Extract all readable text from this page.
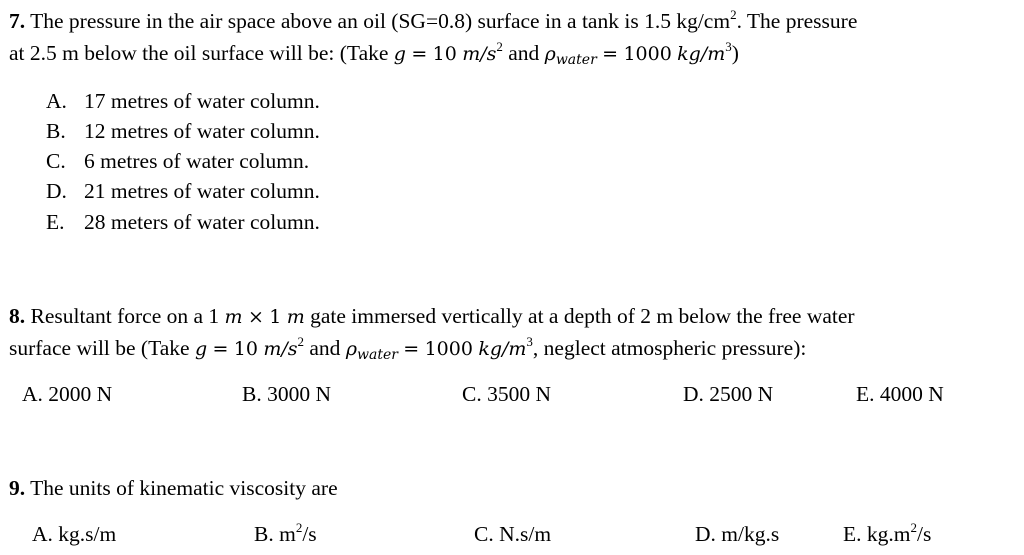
7. The pressure in the air space above an oil (SG=0.8) surface in a tank is 1.5 $kg/cm^2$. The pressure
at 2.5 m below the oil surface will be: (Take g = 10 $m/s^2$ and $\rho_{water} = 1000$ $kg/m^3$)
A. 17 metres of water column.
B. 12 metres of water column.
C. 6 metres of water column.
D. 21 metres of water column.
E. 28 meters of water column.
8. Resultant force on a 1 m × 1 m gate immersed vertically at a depth of 2 m below the free water
surface will be (Take g = 10 $m/s^2$ and $\rho_{water} = 1000$ $kg/m^3$, neglect atmospheric pressure):
A. 2000 N	B. 3000 N	C. 3500 N	D. 2500 N	E. 4000 N
9. The units of kinematic viscosity are
A. kg.s/m	B. $m^2/s$	C. N.s/m	D. m/kg.s	E. $kg.m^2/s$
